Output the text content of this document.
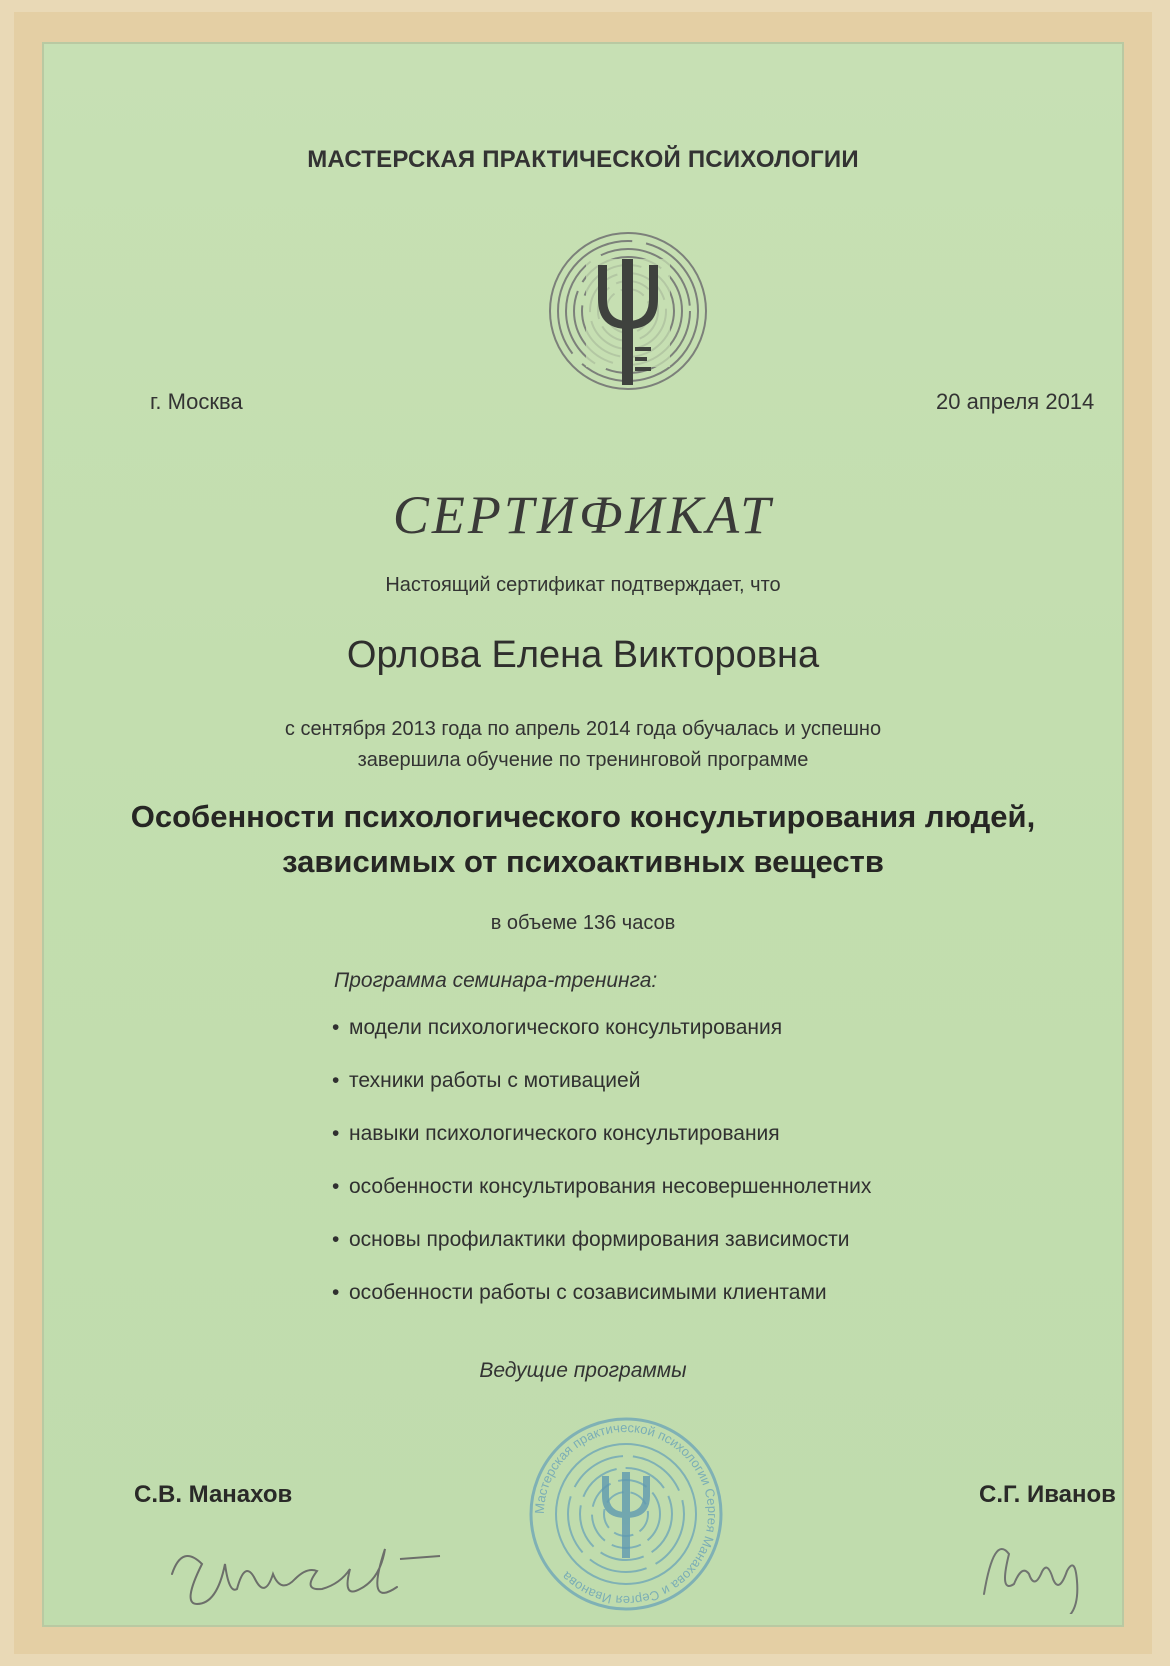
МАСТЕРСКАЯ ПРАКТИЧЕСКОЙ ПСИХОЛОГИИ
г. Москва	20 апреля 2014
СЕРТИФИКАТ
Настоящий сертификат подтверждает, что
Орлова Елена Викторовна
с сентября 2013 года по апрель 2014 года обучалась и успешно
завершила обучение по тренинговой программе
Особенности психологического консультирования людей,
зависимых от психоактивных веществ
в объеме 136 часов
Программа семинара-тренинга:
• модели психологического консультирования
• техники работы с мотивацией
• навыки психологического консультирования
• особенности консультирования несовершеннолетних
• основы профилактики формирования зависимости
• особенности работы с созависимыми клиентами
Ведущие программы
С.В. Манахов	С.Г. Иванов
Мастерская практической психологии Сергея Манахова и Сергея Иванова
